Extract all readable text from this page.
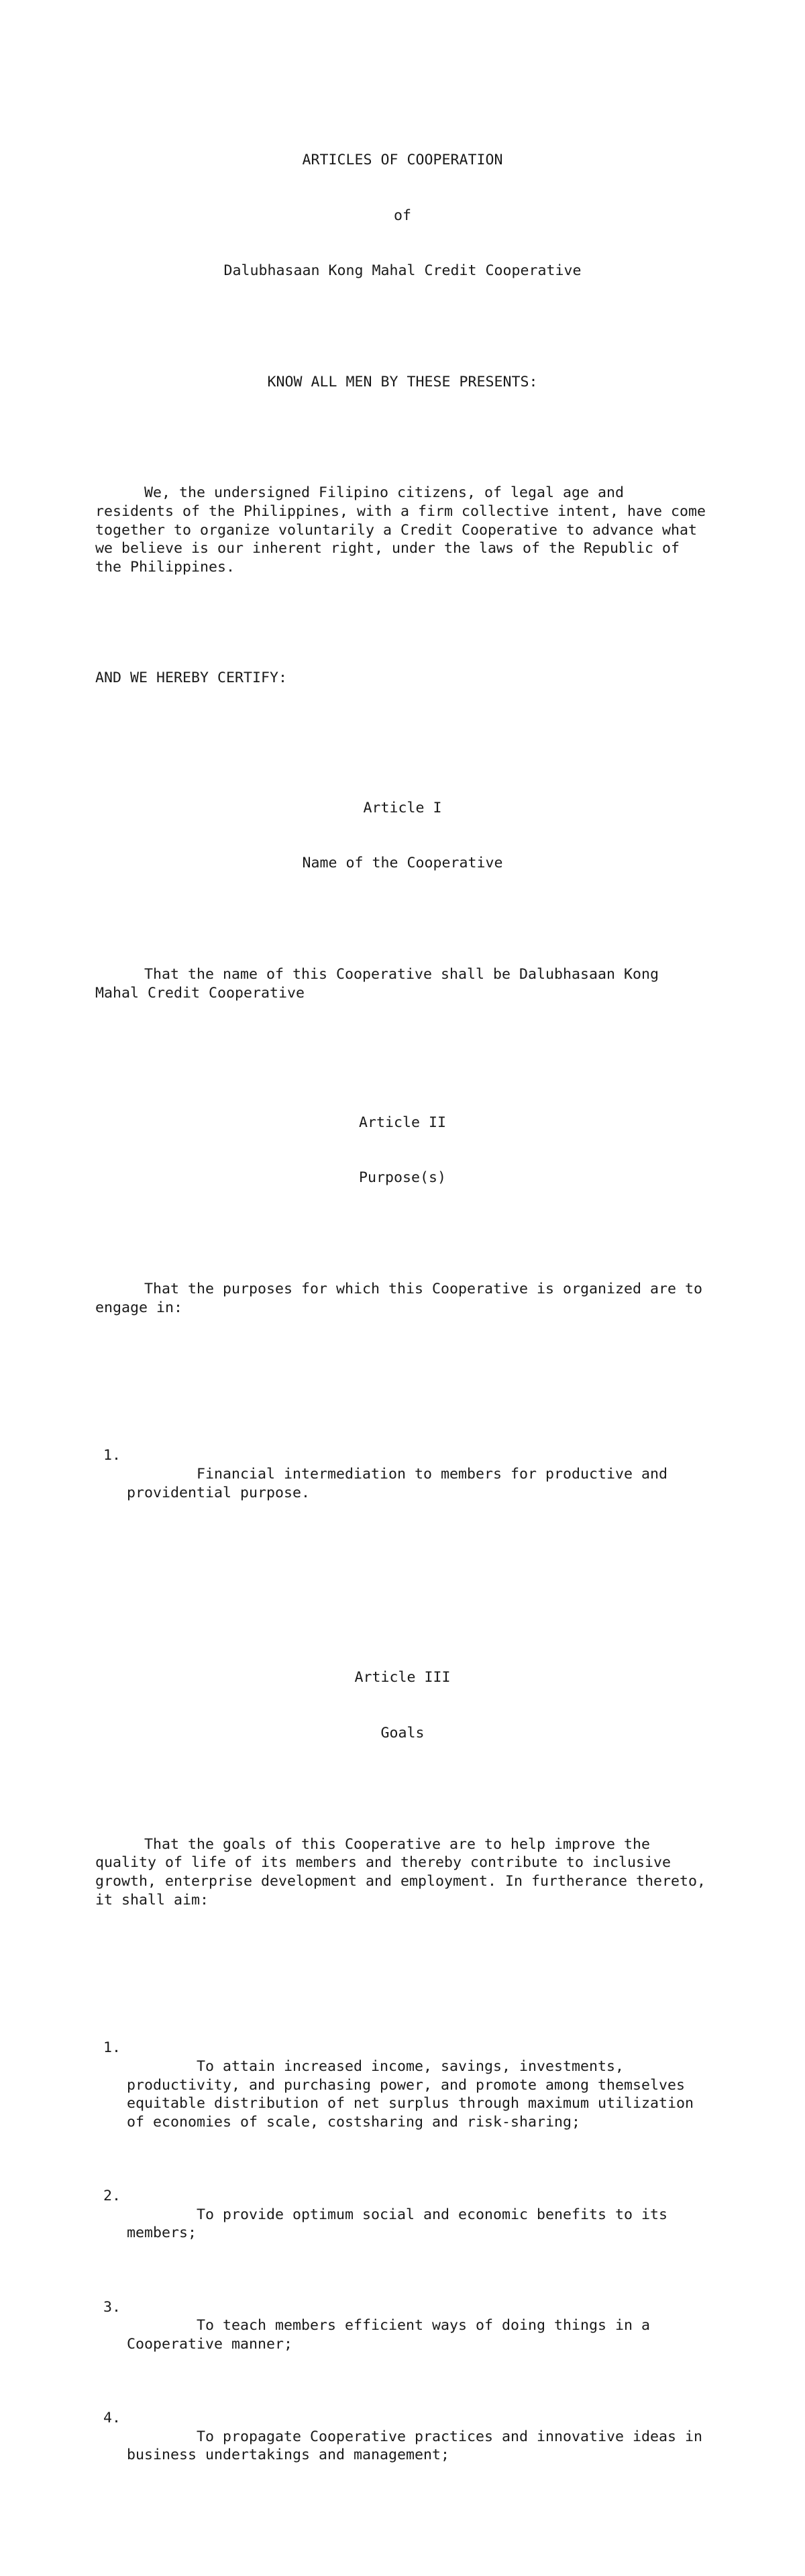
ARTICLES OF COOPERATION

of

Dalubhasaan Kong Mahal Credit Cooperative

KNOW ALL MEN BY THESE PRESENTS:

We, the undersigned Filipino citizens, of legal age and residents of the Philippines, with a firm collective intent, have come together to organize voluntarily a Credit Cooperative to advance what we believe is our inherent right, under the laws of the Republic of the Philippines.

AND WE HEREBY CERTIFY:

Article I

Name of the Cooperative

That the name of this Cooperative shall be Dalubhasaan Kong Mahal Credit Cooperative

Article II

Purpose(s)

That the purposes for which this Cooperative is organized are to engage in:

1.
Financial intermediation to members for productive and providential purpose.

Article III

Goals

That the goals of this Cooperative are to help improve the quality of life of its members and thereby contribute to inclusive growth, enterprise development and employment. In furtherance thereto, it shall aim:

1.
To attain increased income, savings, investments, productivity, and purchasing power, and promote among themselves equitable distribution of net surplus through maximum utilization of economies of scale, costsharing and risk-sharing;

2.
To provide optimum social and economic benefits to its members;

3.
To teach members efficient ways of doing things in a Cooperative manner;

4.
To propagate Cooperative practices and innovative ideas in business undertakings and management;
